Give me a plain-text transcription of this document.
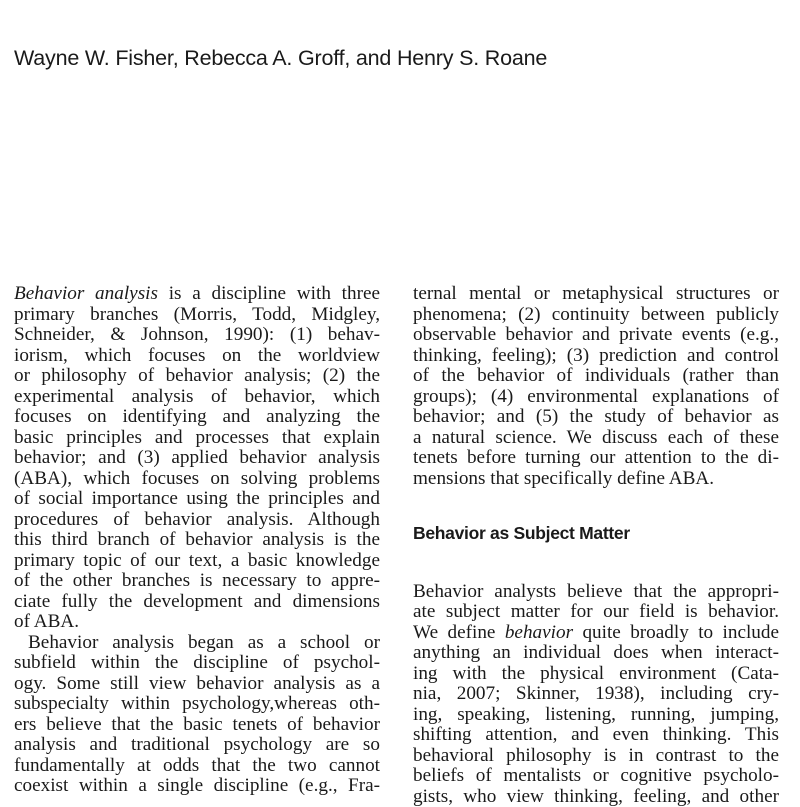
Wayne W. Fisher, Rebecca A. Groff, and Henry S. Roane
Behavior analysis is a discipline with three
primary branches (Morris, Todd, Midgley,
Schneider, & Johnson, 1990): (1) behav-
iorism, which focuses on the worldview
or philosophy of behavior analysis; (2) the
experimental analysis of behavior, which
focuses on identifying and analyzing the
basic principles and processes that explain
behavior; and (3) applied behavior analysis
(ABA), which focuses on solving problems
of social importance using the principles and
procedures of behavior analysis. Although
this third branch of behavior analysis is the
primary topic of our text, a basic knowledge
of the other branches is necessary to appre-
ciate fully the development and dimensions
of ABA.
Behavior analysis began as a school or
subfield within the discipline of psychol-
ogy. Some still view behavior analysis as a
subspecialty within psychology,whereas oth-
ers believe that the basic tenets of behavior
analysis and traditional psychology are so
fundamentally at odds that the two cannot
coexist within a single discipline (e.g., Fra-
ternal mental or metaphysical structures or
phenomena; (2) continuity between publicly
observable behavior and private events (e.g.,
thinking, feeling); (3) prediction and control
of the behavior of individuals (rather than
groups); (4) environmental explanations of
behavior; and (5) the study of behavior as
a natural science. We discuss each of these
tenets before turning our attention to the di-
mensions that specifically define ABA.
Behavior as Subject Matter
Behavior analysts believe that the appropri-
ate subject matter for our field is behavior.
We define behavior quite broadly to include
anything an individual does when interact-
ing with the physical environment (Cata-
nia, 2007; Skinner, 1938), including cry-
ing, speaking, listening, running, jumping,
shifting attention, and even thinking. This
behavioral philosophy is in contrast to the
beliefs of mentalists or cognitive psycholo-
gists, who view thinking, feeling, and other
